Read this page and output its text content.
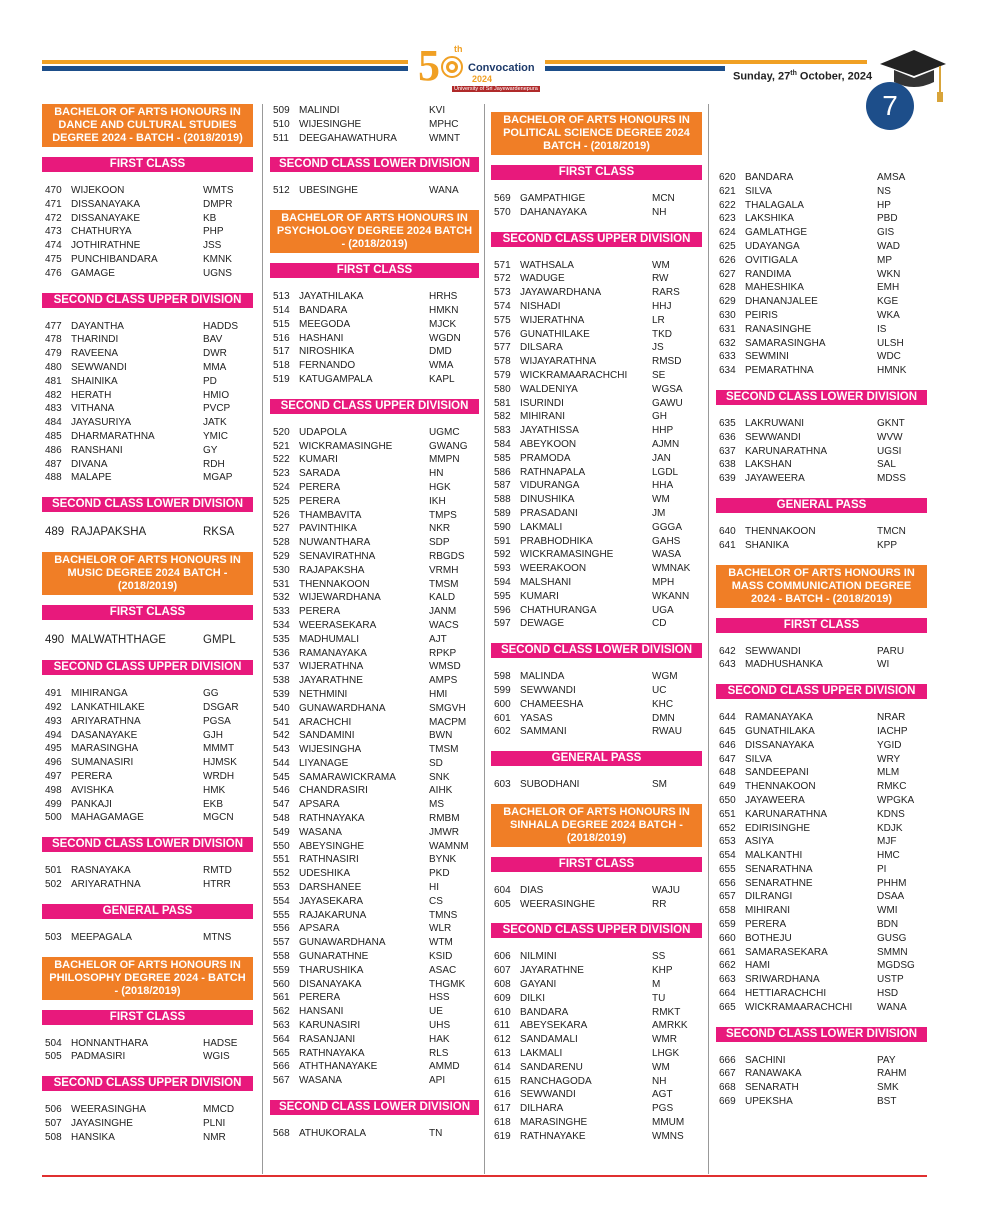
5 th
Convocation
2024
University of Sri Jayewardenepura
Sunday, 27th October, 2024
7
BACHELOR OF ARTS HONOURS IN DANCE AND CULTURAL STUDIES DEGREE 2024 - BATCH - (2018/2019)
FIRST CLASS
470 WIJEKOON	WMTS
471 DISSANAYAKA	DMPR
472 DISSANAYAKE	KB
473 CHATHURYA	PHP
474 JOTHIRATHNE	JSS
475 PUNCHIBANDARA	KMNK
476 GAMAGE	UGNS
SECOND CLASS UPPER DIVISION
477 DAYANTHA	HADDS
478 THARINDI	BAV
479 RAVEENA	DWR
480 SEWWANDI	MMA
481 SHAINIKA	PD
482 HERATH	HMIO
483 VITHANA	PVCP
484 JAYASURIYA	JATK
485 DHARMARATHNA	YMIC
486 RANSHANI	GY
487 DIVANA	RDH
488 MALAPE	MGAP
SECOND CLASS LOWER DIVISION
489 RAJAPAKSHA	RKSA
BACHELOR OF ARTS HONOURS IN MUSIC DEGREE 2024 BATCH - (2018/2019)
FIRST CLASS
490 MALWATHTHAGE	GMPL
SECOND CLASS UPPER DIVISION
491 MIHIRANGA	GG
492 LANKATHILAKE	DSGAR
493 ARIYARATHNA	PGSA
494 DASANAYAKE	GJH
495 MARASINGHA	MMMT
496 SUMANASIRI	HJMSK
497 PERERA	WRDH
498 AVISHKA	HMK
499 PANKAJI	EKB
500 MAHAGAMAGE	MGCN
SECOND CLASS LOWER DIVISION
501 RASNAYAKA	RMTD
502 ARIYARATHNA	HTRR
GENERAL PASS
503 MEEPAGALA	MTNS
BACHELOR OF ARTS HONOURS IN PHILOSOPHY DEGREE 2024 - BATCH - (2018/2019)
FIRST CLASS
504 HONNANTHARA	HADSE
505 PADMASIRI	WGIS
SECOND CLASS UPPER DIVISION
506 WEERASINGHA	MMCD
507 JAYASINGHE	PLNI
508 HANSIKA	NMR
509 MALINDI	KVI
510 WIJESINGHE	MPHC
511	DEEGAHAWATHURA	WMNT
SECOND CLASS LOWER DIVISION
512 UBESINGHE	WANA
BACHELOR OF ARTS HONOURS IN PSYCHOLOGY DEGREE 2024 BATCH - (2018/2019)
FIRST CLASS
513 JAYATHILAKA	HRHS
514 BANDARA	HMKN
515 MEEGODA	MJCK
516 HASHANI	WGDN
517 NIROSHIKA	DMD
518 FERNANDO	WMA
519 KATUGAMPALA	KAPL
SECOND CLASS UPPER DIVISION
520 UDAPOLA	UGMC
521 WICKRAMASINGHE	GWANG
522 KUMARI	MMPN
523 SARADA	HN
524 PERERA	HGK
525 PERERA	IKH
526 THAMBAVITA	TMPS
527 PAVINTHIKA	NKR
528 NUWANTHARA	SDP
529 SENAVIRATHNA	RBGDS
530 RAJAPAKSHA	VRMH
531 THENNAKOON	TMSM
532 WIJEWARDHANA	KALD
533 PERERA	JANM
534 WEERASEKARA	WACS
535 MADHUMALI	AJT
536 RAMANAYAKA	RPKP
537 WIJERATHNA	WMSD
538 JAYARATHNE	AMPS
539 NETHMINI	HMI
540 GUNAWARDHANA	SMGVH
541 ARACHCHI	MACPM
542 SANDAMINI	BWN
543 WIJESINGHA	TMSM
544 LIYANAGE	SD
545 SAMARAWICKRAMA	SNK
546 CHANDRASIRI	AIHK
547 APSARA	MS
548 RATHNAYAKA	RMBM
549 WASANA	JMWR
550 ABEYSINGHE	WAMNM
551 RATHNASIRI	BYNK
552 UDESHIKA	PKD
553 DARSHANEE	HI
554 JAYASEKARA	CS
555 RAJAKARUNA	TMNS
556 APSARA	WLR
557 GUNAWARDHANA	WTM
558 GUNARATHNE	KSID
559 THARUSHIKA	ASAC
560 DISANAYAKA	THGMK
561 PERERA	HSS
562 HANSANI	UE
563 KARUNASIRI	UHS
564 RASANJANI	HAK
565 RATHNAYAKA	RLS
566 ATHTHANAYAKE	AMMD
567 WASANA	API
SECOND CLASS LOWER DIVISION
568 ATHUKORALA	TN
BACHELOR OF ARTS HONOURS IN POLITICAL SCIENCE DEGREE 2024 BATCH - (2018/2019)
FIRST CLASS
569 GAMPATHIGE	MCN
570 DAHANAYAKA	NH
SECOND CLASS UPPER DIVISION
571 WATHSALA	WM
572 WADUGE	RW
573 JAYAWARDHANA	RARS
574 NISHADI	HHJ
575 WIJERATHNA	LR
576 GUNATHILAKE	TKD
577 DILSARA	JS
578 WIJAYARATHNA	RMSD
579 WICKRAMAARACHCHI	SE
580 WALDENIYA	WGSA
581 ISURINDI	GAWU
582 MIHIRANI	GH
583 JAYATHISSA	HHP
584 ABEYKOON	AJMN
585 PRAMODA	JAN
586 RATHNAPALA	LGDL
587 VIDURANGA	HHA
588 DINUSHIKA	WM
589 PRASADANI	JM
590 LAKMALI	GGGA
591 PRABHODHIKA	GAHS
592 WICKRAMASINGHE	WASA
593 WEERAKOON	WMNAK
594 MALSHANI	MPH
595 KUMARI	WKANN
596 CHATHURANGA	UGA
597 DEWAGE	CD
SECOND CLASS LOWER DIVISION
598 MALINDA	WGM
599 SEWWANDI	UC
600 CHAMEESHA	KHC
601 YASAS	DMN
602 SAMMANI	RWAU
GENERAL PASS
603 SUBODHANI	SM
BACHELOR OF ARTS HONOURS IN SINHALA DEGREE 2024 BATCH - (2018/2019)
FIRST CLASS
604 DIAS	WAJU
605 WEERASINGHE	RR
SECOND CLASS UPPER DIVISION
606 NILMINI	SS
607 JAYARATHNE	KHP
608 GAYANI	M
609 DILKI	TU
610 BANDARA	RMKT
611	ABEYSEKARA	AMRKK
612 SANDAMALI	WMR
613 LAKMALI	LHGK
614 SANDARENU	WM
615 RANCHAGODA	NH
616 SEWWANDI	AGT
617 DILHARA	PGS
618 MARASINGHE	MMUM
619 RATHNAYAKE	WMNS
620 BANDARA	AMSA
621 SILVA	NS
622 THALAGALA	HP
623 LAKSHIKA	PBD
624 GAMLATHGE	GIS
625 UDAYANGA	WAD
626 OVITIGALA	MP
627 RANDIMA	WKN
628 MAHESHIKA	EMH
629 DHANANJALEE	KGE
630 PEIRIS	WKA
631 RANASINGHE	IS
632 SAMARASINGHA	ULSH
633 SEWMINI	WDC
634 PEMARATHNA	HMNK
SECOND CLASS LOWER DIVISION
635 LAKRUWANI	GKNT
636 SEWWANDI	WVW
637 KARUNARATHNA	UGSI
638 LAKSHAN	SAL
639 JAYAWEERA	MDSS
GENERAL PASS
640 THENNAKOON	TMCN
641 SHANIKA	KPP
BACHELOR OF ARTS HONOURS IN MASS COMMUNICATION DEGREE 2024 - BATCH - (2018/2019)
FIRST CLASS
642 SEWWANDI	PARU
643 MADHUSHANKA	WI
SECOND CLASS UPPER DIVISION
644 RAMANAYAKA	NRAR
645 GUNATHILAKA	IACHP
646 DISSANAYAKA	YGID
647 SILVA	WRY
648 SANDEEPANI	MLM
649 THENNAKOON	RMKC
650 JAYAWEERA	WPGKA
651 KARUNARATHNA	KDNS
652 EDIRISINGHE	KDJK
653 ASIYA	MJF
654 MALKANTHI	HMC
655 SENARATHNA	PI
656 SENARATHNE	PHHM
657 DILRANGI	DSAA
658 MIHIRANI	WMI
659 PERERA	BDN
660 BOTHEJU	GUSG
661 SAMARASEKARA	SMMN
662 HAMI	MGDSG
663 SRIWARDHANA	USTP
664 HETTIARACHCHI	HSD
665 WICKRAMAARACHCHI	WANA
SECOND CLASS LOWER DIVISION
666 SACHINI	PAY
667 RANAWAKA	RAHM
668 SENARATH	SMK
669 UPEKSHA	BST
